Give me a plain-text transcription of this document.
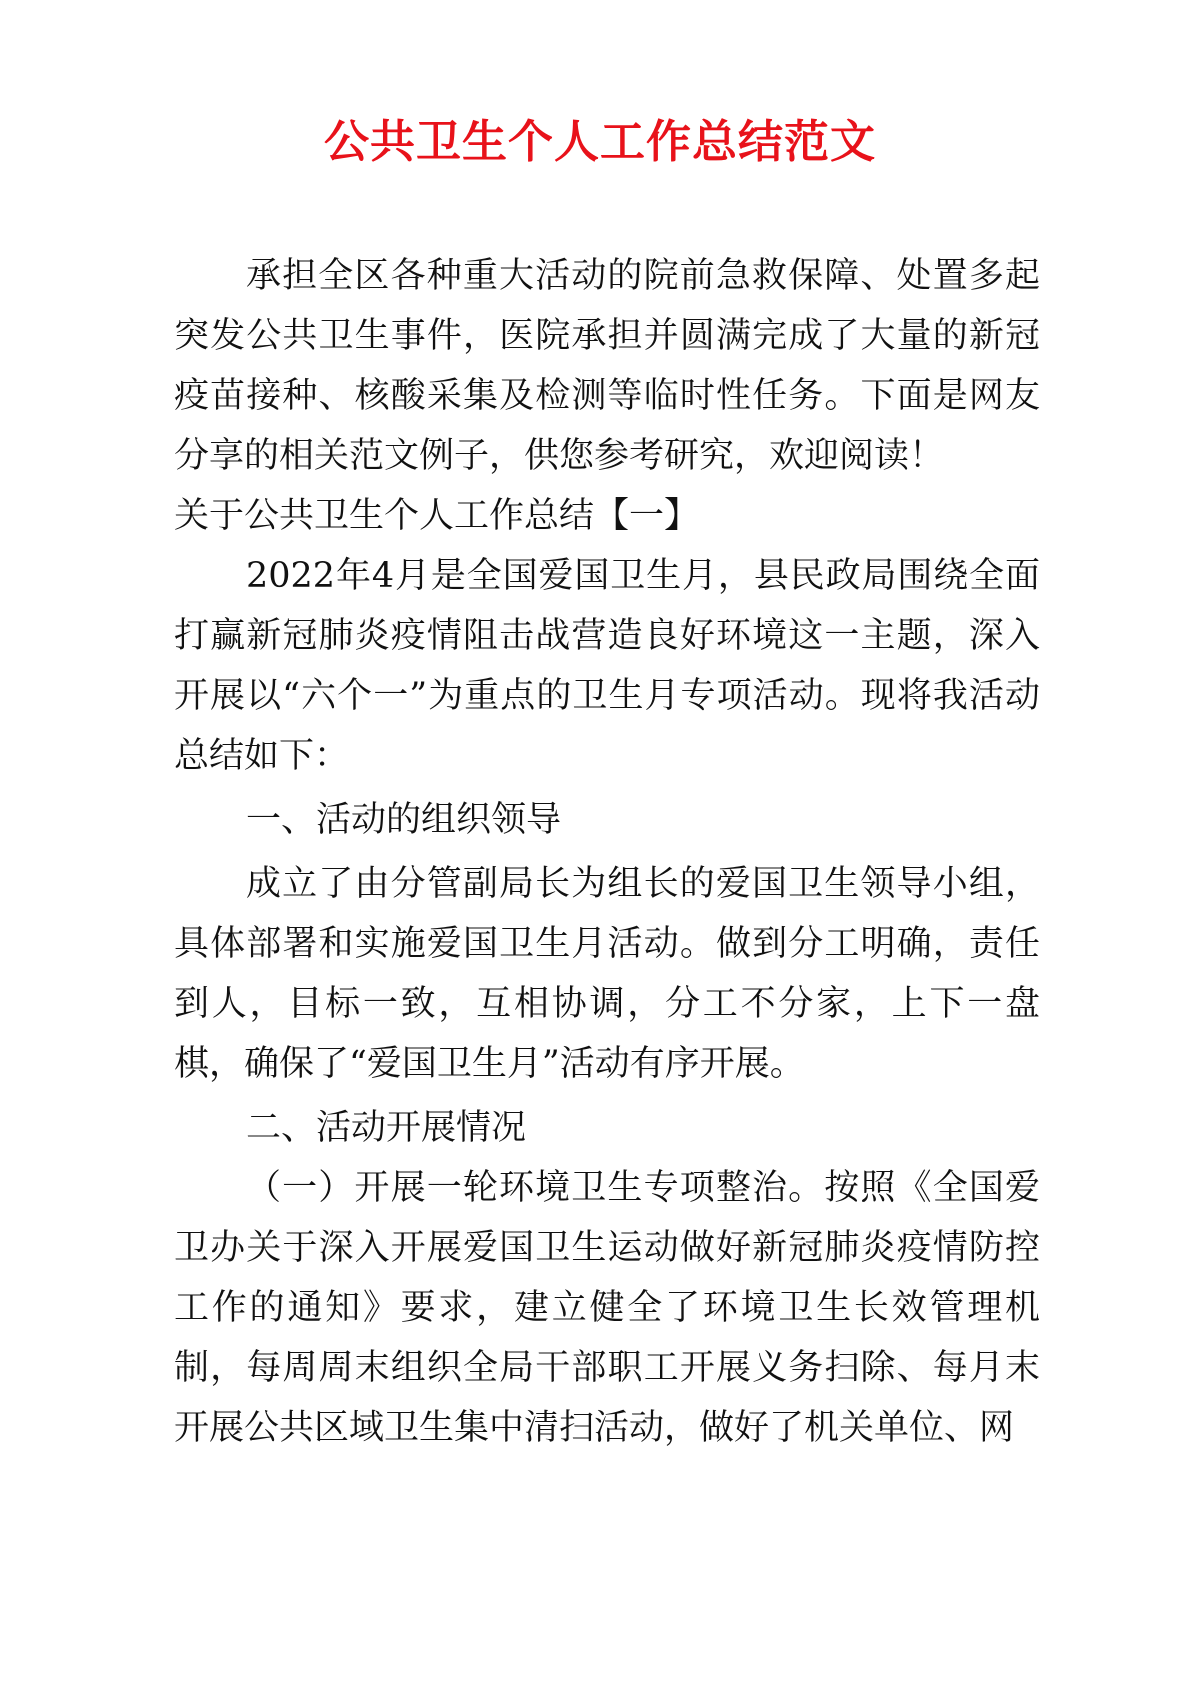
公共卫生个人工作总结范文

承担全区各种重大活动的院前急救保障、处置多起突发公共卫生事件，医院承担并圆满完成了大量的新冠疫苗接种、核酸采集及检测等临时性任务。下面是网友分享的相关范文例子，供您参考研究，欢迎阅读！

关于公共卫生个人工作总结【一】

2022年4月是全国爱国卫生月，县民政局围绕全面打赢新冠肺炎疫情阻击战营造良好环境这一主题，深入开展以“六个一”为重点的卫生月专项活动。现将我活动总结如下：

一、活动的组织领导

成立了由分管副局长为组长的爱国卫生领导小组，具体部署和实施爱国卫生月活动。做到分工明确，责任到人，目标一致，互相协调，分工不分家，上下一盘棋，确保了“爱国卫生月”活动有序开展。

二、活动开展情况

（一）开展一轮环境卫生专项整治。按照《全国爱卫办关于深入开展爱国卫生运动做好新冠肺炎疫情防控工作的通知》要求，建立健全了环境卫生长效管理机制，每周周末组织全局干部职工开展义务扫除、每月末开展公共区域卫生集中清扫活动，做好了机关单位、网
